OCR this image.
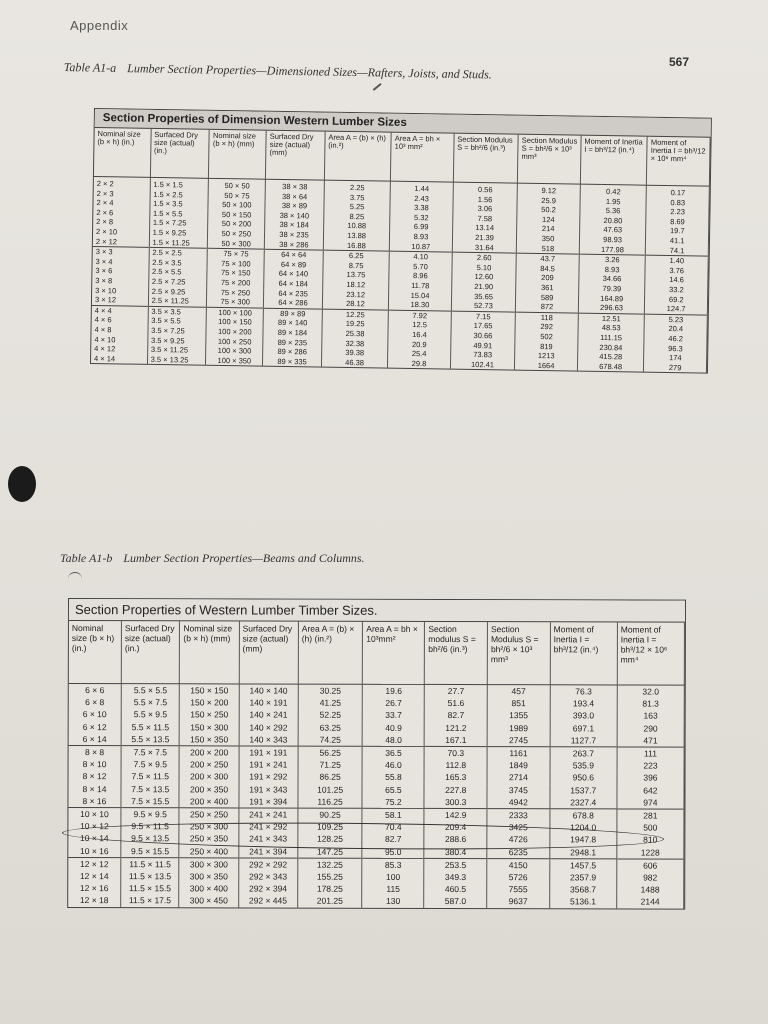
Appendix
567
Table A1-a Lumber Section Properties—Dimensioned Sizes—Rafters, Joists, and Studs.
Section Properties of Dimension Western Lumber Sizes
Nominal size (b × h) (in.)	Surfaced Dry size (actual) (in.)	Nominal size (b × h) (mm)	Surfaced Dry size (actual) (mm)	Area A = (b) × (h) (in.²)	Area A = bh × 10³ mm²	Section Modulus S = bh²/6 (in.³)	Section Modulus S = bh²/6 × 10³ mm³	Moment of Inertia I = bh³/12 (in.⁴)	Moment of Inertia I = bh³/12 × 10⁶ mm⁴
2 × 2	1.5 × 1.5	50 × 50	38 × 38	2.25	1.44	0.56	9.12	0.42	0.17
2 × 3	1.5 × 2.5	50 × 75	38 × 64	3.75	2.43	1.56	25.9	1.95	0.83
2 × 4	1.5 × 3.5	50 × 100	38 × 89	5.25	3.38	3.06	50.2	5.36	2.23
2 × 6	1.5 × 5.5	50 × 150	38 × 140	8.25	5.32	7.58	124	20.80	8.69
2 × 8	1.5 × 7.25	50 × 200	38 × 184	10.88	6.99	13.14	214	47.63	19.7
2 × 10	1.5 × 9.25	50 × 250	38 × 235	13.88	8.93	21.39	350	98.93	41.1
2 × 12	1.5 × 11.25	50 × 300	38 × 286	16.88	10.87	31.64	518	177.98	74.1
3 × 3	2.5 × 2.5	75 × 75	64 × 64	6.25	4.10	2.60	43.7	3.26	1.40
3 × 4	2.5 × 3.5	75 × 100	64 × 89	8.75	5.70	5.10	84.5	8.93	3.76
3 × 6	2.5 × 5.5	75 × 150	64 × 140	13.75	8.96	12.60	209	34.66	14.6
3 × 8	2.5 × 7.25	75 × 200	64 × 184	18.12	11.78	21.90	361	79.39	33.2
3 × 10	2.5 × 9.25	75 × 250	64 × 235	23.12	15.04	35.65	589	164.89	69.2
3 × 12	2.5 × 11.25	75 × 300	64 × 286	28.12	18.30	52.73	872	296.63	124.7
4 × 4	3.5 × 3.5	100 × 100	89 × 89	12.25	7.92	7.15	118	12.51	5.23
4 × 6	3.5 × 5.5	100 × 150	89 × 140	19.25	12.5	17.65	292	48.53	20.4
4 × 8	3.5 × 7.25	100 × 200	89 × 184	25.38	16.4	30.66	502	111.15	46.2
4 × 10	3.5 × 9.25	100 × 250	89 × 235	32.38	20.9	49.91	819	230.84	96.3
4 × 12	3.5 × 11.25	100 × 300	89 × 286	39.38	25.4	73.83	1213	415.28	174
4 × 14	3.5 × 13.25	100 × 350	89 × 335	46.38	29.8	102.41	1664	678.48	279
Table A1-b Lumber Section Properties—Beams and Columns.
Section Properties of Western Lumber Timber Sizes.
Nominal size (b × h) (in.)	Surfaced Dry size (actual) (in.)	Nominal size (b × h) (mm)	Surfaced Dry size (actual) (mm)	Area A = (b) × (h) (in.²)	Area A = bh × 10³mm²	Section modulus S = bh²/6 (in.³)	Section Modulus S = bh²/6 × 10³ mm³	Moment of Inertia I = bh³/12 (in.⁴)	Moment of Inertia I = bh³/12 × 10⁶ mm⁴
6 × 6	5.5 × 5.5	150 × 150	140 × 140	30.25	19.6	27.7	457	76.3	32.0
6 × 8	5.5 × 7.5	150 × 200	140 × 191	41.25	26.7	51.6	851	193.4	81.3
6 × 10	5.5 × 9.5	150 × 250	140 × 241	52.25	33.7	82.7	1355	393.0	163
6 × 12	5.5 × 11.5	150 × 300	140 × 292	63.25	40.9	121.2	1989	697.1	290
6 × 14	5.5 × 13.5	150 × 350	140 × 343	74.25	48.0	167.1	2745	1127.7	471
8 × 8	7.5 × 7.5	200 × 200	191 × 191	56.25	36.5	70.3	1161	263.7	111
8 × 10	7.5 × 9.5	200 × 250	191 × 241	71.25	46.0	112.8	1849	535.9	223
8 × 12	7.5 × 11.5	200 × 300	191 × 292	86.25	55.8	165.3	2714	950.6	396
8 × 14	7.5 × 13.5	200 × 350	191 × 343	101.25	65.5	227.8	3745	1537.7	642
8 × 16	7.5 × 15.5	200 × 400	191 × 394	116.25	75.2	300.3	4942	2327.4	974
10 × 10	9.5 × 9.5	250 × 250	241 × 241	90.25	58.1	142.9	2333	678.8	281
10 × 12	9.5 × 11.5	250 × 300	241 × 292	109.25	70.4	209.4	3425	1204.0	500
10 × 14	9.5 × 13.5	250 × 350	241 × 343	128.25	82.7	288.6	4726	1947.8	810
10 × 16	9.5 × 15.5	250 × 400	241 × 394	147.25	95.0	380.4	6235	2948.1	1228
12 × 12	11.5 × 11.5	300 × 300	292 × 292	132.25	85.3	253.5	4150	1457.5	606
12 × 14	11.5 × 13.5	300 × 350	292 × 343	155.25	100	349.3	5726	2357.9	982
12 × 16	11.5 × 15.5	300 × 400	292 × 394	178.25	115	460.5	7555	3568.7	1488
12 × 18	11.5 × 17.5	300 × 450	292 × 445	201.25	130	587.0	9637	5136.1	2144
